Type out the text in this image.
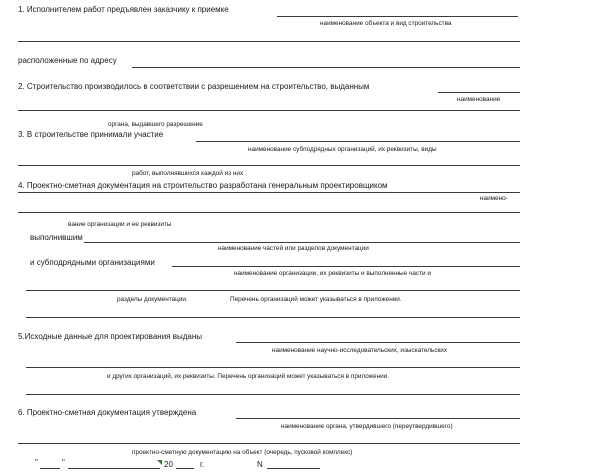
1. Исполнителем работ предъявлен заказчику к приемке
наименование объекта и вид строительства
расположенные по адресу
2. Строительство производилось в соответствии с разрешением на строительство, выданным
наименование
органа, выдавшего разрешение
3. В строительстве принимали участие
наименование субподрядных организаций, их реквизиты, виды
работ, выполнявшихся каждой из них
4. Проектно-сметная документация на строительство разработана генеральным проектировщиком
наимено-
вание организации и ее реквизиты
выполнившим
наименование частей или разделов документации
и субподрядными организациями
наименование организации, их реквизиты и выполненные части и
разделы документации.	Перечень организаций может указываться в приложении.
5.Исходные данные для проектирования выданы
наименование научно-исследовательских, изыскательских
и других организаций, их реквизиты. Перечень организаций может указываться в приложении.
6. Проектно-сметная документация утверждена
наименование органа, утвердившего (переутвердившего)
проектно-сметную документацию на объект (очередь, пусковой комплекс)
"	"	20	г.	N
